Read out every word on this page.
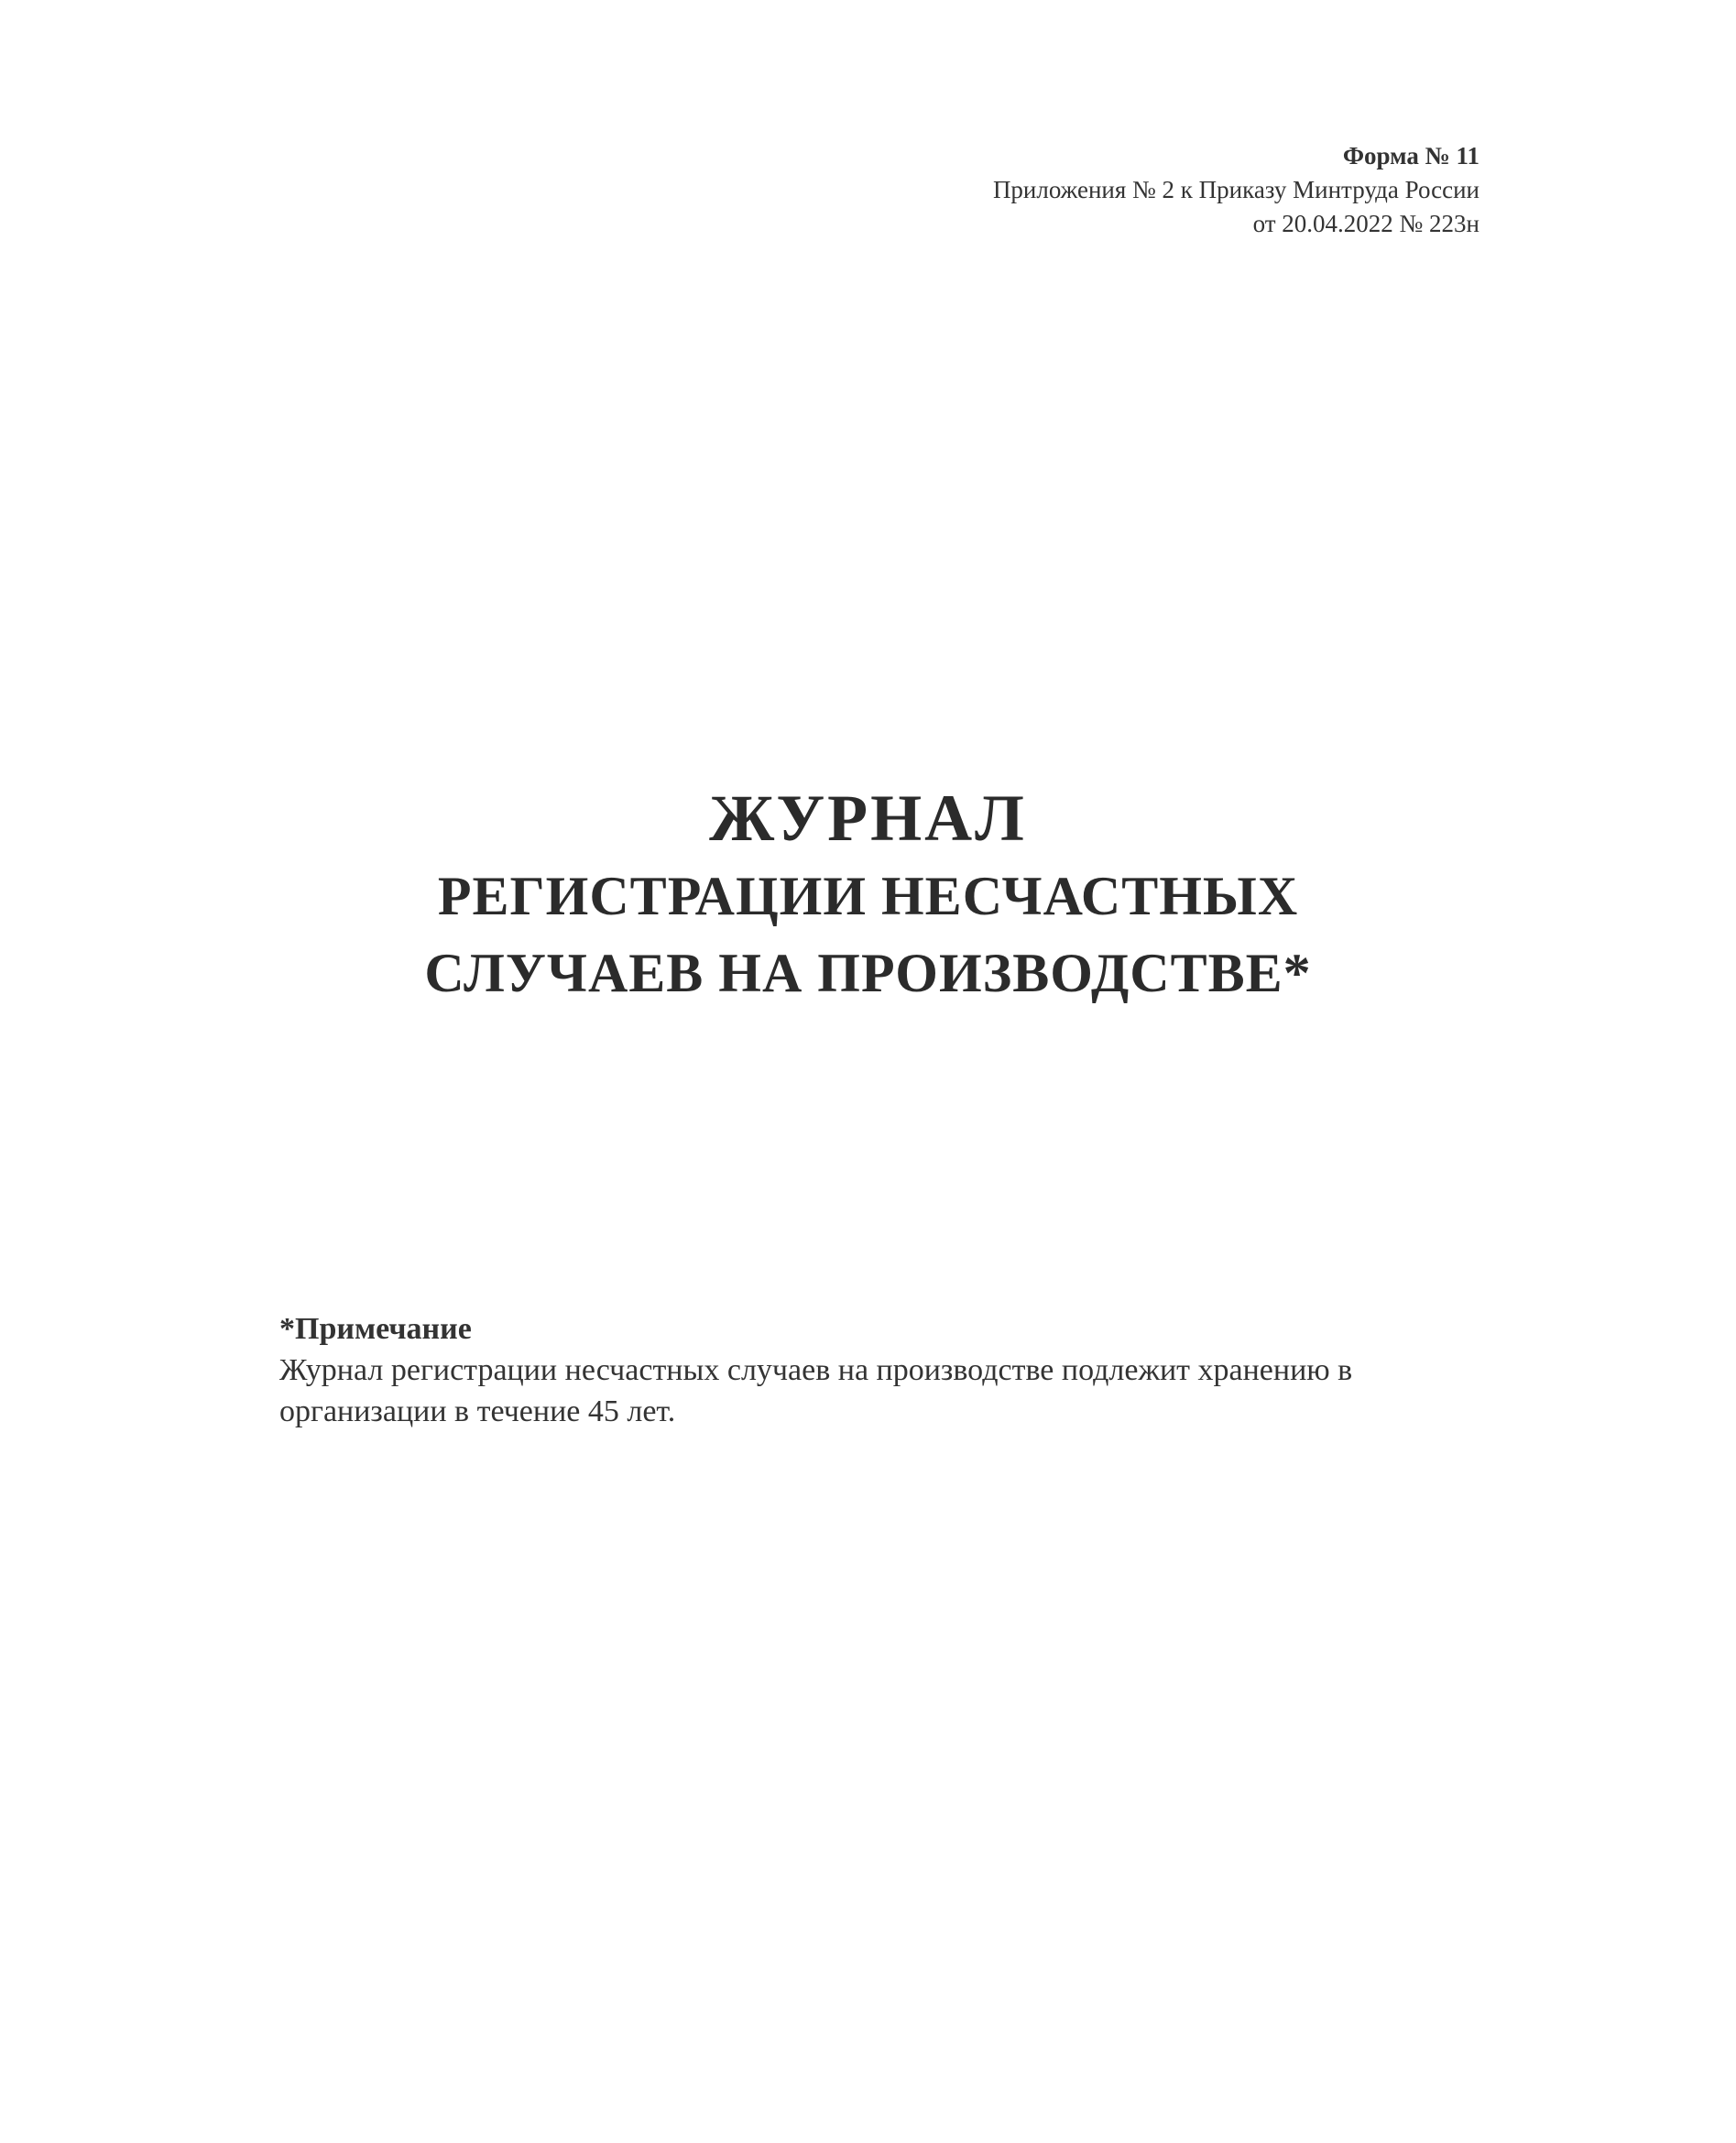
Форма № 11
Приложения № 2 к Приказу Минтруда России
от 20.04.2022 № 223н
ЖУРНАЛ
РЕГИСТРАЦИИ НЕСЧАСТНЫХ
СЛУЧАЕВ НА ПРОИЗВОДСТВЕ*
*Примечание
Журнал регистрации несчастных случаев на производстве подлежит хранению в организации в течение 45 лет.
